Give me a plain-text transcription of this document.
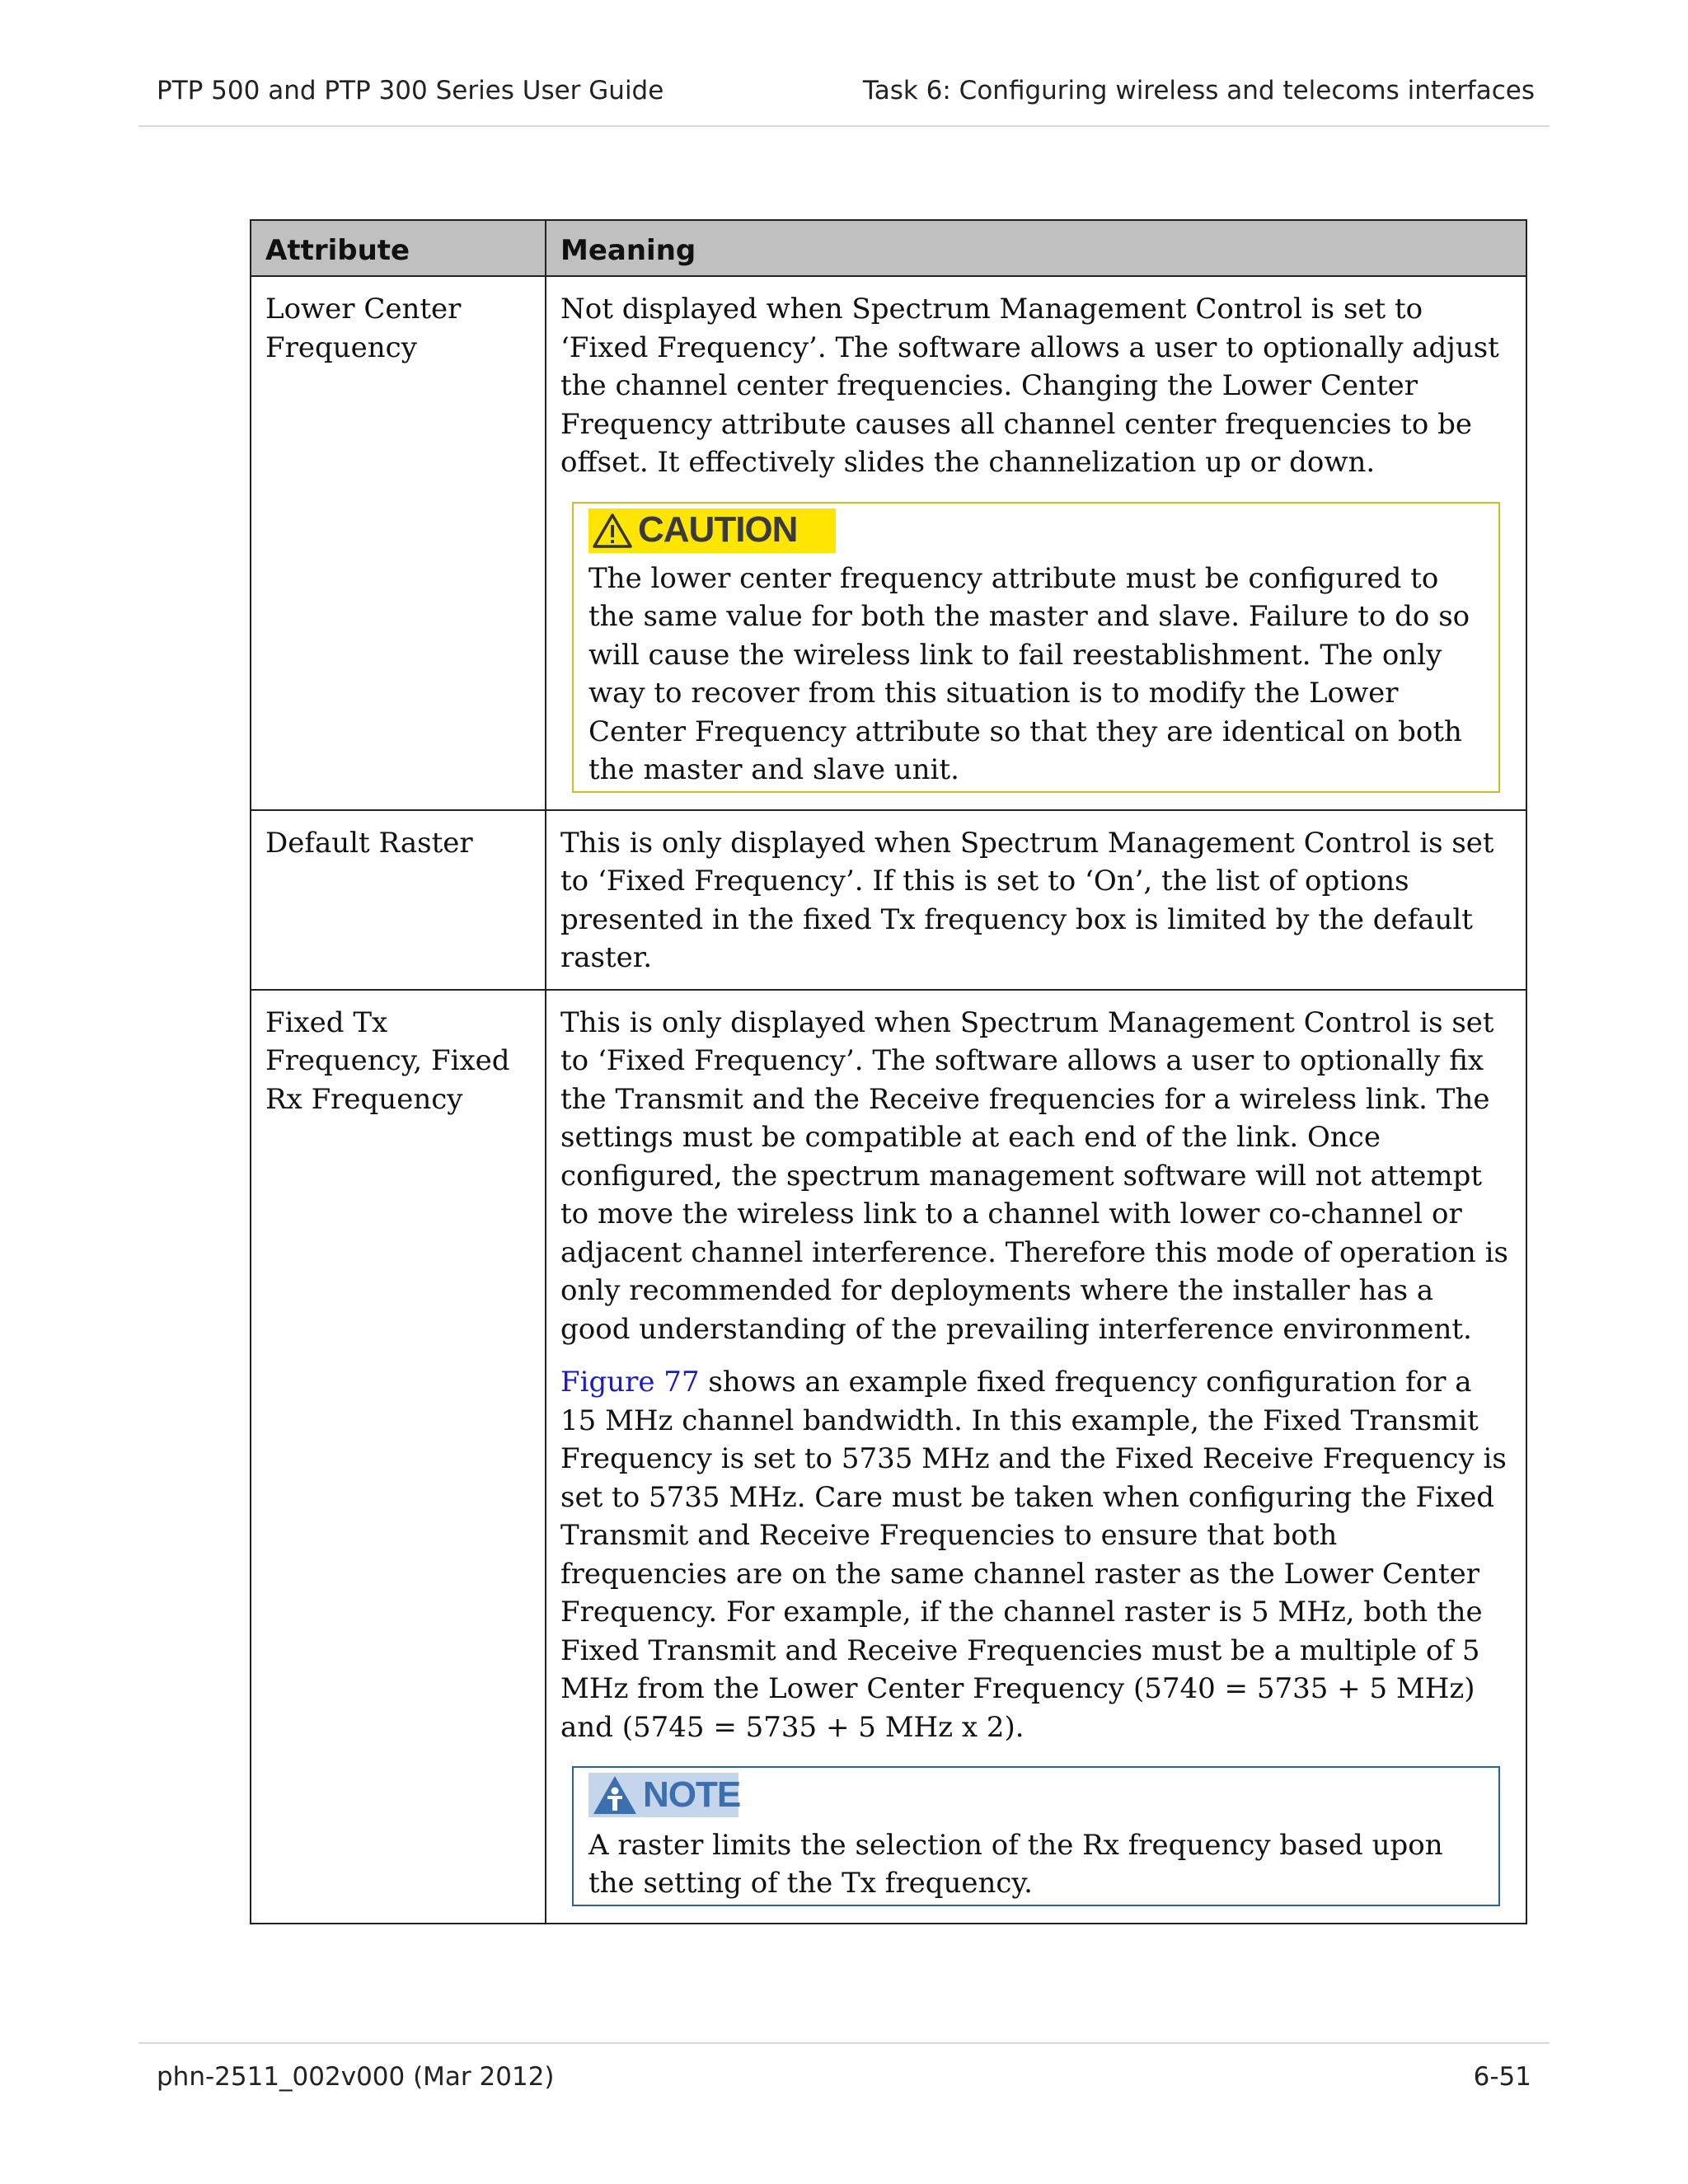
PTP 500 and PTP 300 Series User Guide	Task 6: Configuring wireless and telecoms interfaces
Attribute	Meaning
Lower Center Frequency	Not displayed when Spectrum Management Control is set to ‘Fixed Frequency’. The software allows a user to optionally adjust the channel center frequencies. Changing the Lower Center Frequency attribute causes all channel center frequencies to be offset. It effectively slides the channelization up or down.

CAUTION

The lower center frequency attribute must be configured to the same value for both the master and slave. Failure to do so will cause the wireless link to fail reestablishment. The only way to recover from this situation is to modify the Lower Center Frequency attribute so that they are identical on both the master and slave unit.

Default Raster	This is only displayed when Spectrum Management Control is set to ‘Fixed Frequency’. If this is set to ‘On’, the list of options presented in the fixed Tx frequency box is limited by the default raster.

Fixed Tx Frequency, Fixed Rx Frequency	This is only displayed when Spectrum Management Control is set to ‘Fixed Frequency’. The software allows a user to optionally fix the Transmit and the Receive frequencies for a wireless link. The settings must be compatible at each end of the link. Once configured, the spectrum management software will not attempt to move the wireless link to a channel with lower co-channel or adjacent channel interference. Therefore this mode of operation is only recommended for deployments where the installer has a good understanding of the prevailing interference environment.

Figure 77 shows an example fixed frequency configuration for a 15 MHz channel bandwidth. In this example, the Fixed Transmit Frequency is set to 5735 MHz and the Fixed Receive Frequency is set to 5735 MHz. Care must be taken when configuring the Fixed Transmit and Receive Frequencies to ensure that both frequencies are on the same channel raster as the Lower Center Frequency. For example, if the channel raster is 5 MHz, both the Fixed Transmit and Receive Frequencies must be a multiple of 5 MHz from the Lower Center Frequency (5740 = 5735 + 5 MHz) and (5745 = 5735 + 5 MHz x 2).

NOTE

A raster limits the selection of the Rx frequency based upon the setting of the Tx frequency.

phn-2511_002v000 (Mar 2012)	6-51
